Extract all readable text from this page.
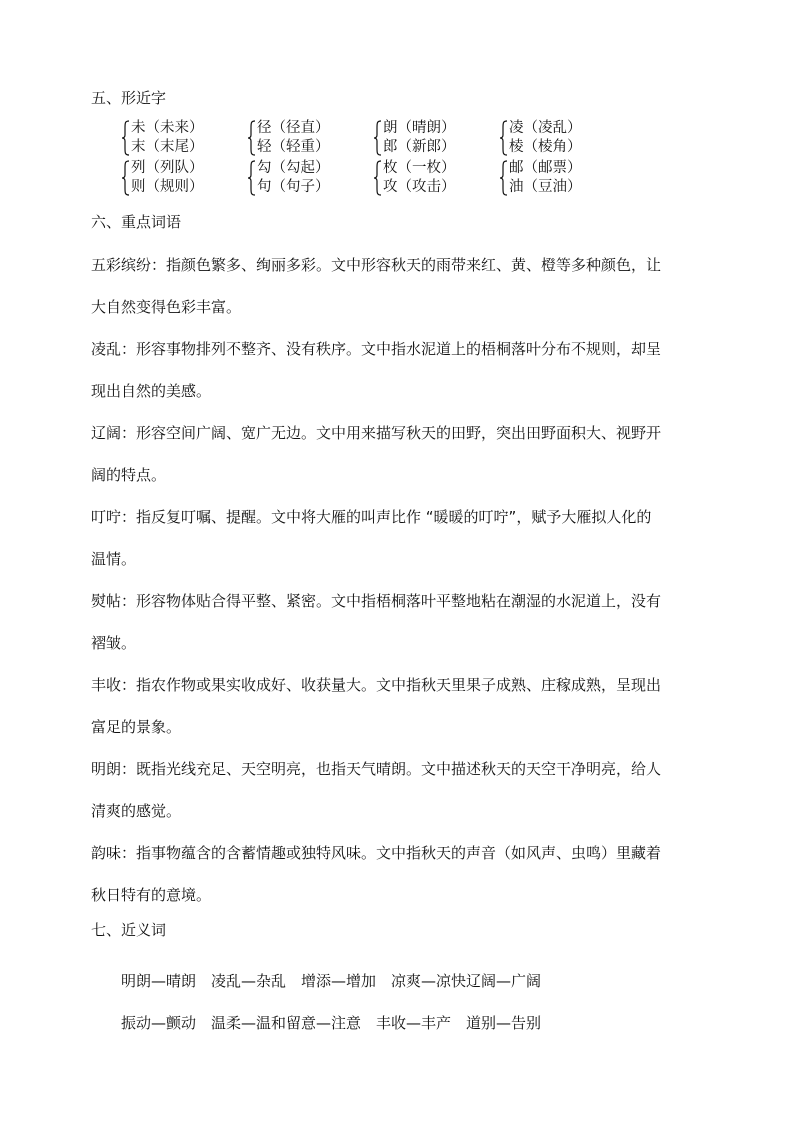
五、形近字
未（未来）
末（末尾）
径（径直）
轻（轻重）
朗（晴朗）
郎（新郎）
凌（凌乱）
棱（棱角）
列（列队）
则（规则）
勾（勾起）
句（句子）
枚（一枚）
攻（攻击）
邮（邮票）
油（豆油）
六、重点词语
五彩缤纷：指颜色繁多、绚丽多彩。文中形容秋天的雨带来红、黄、橙等多种颜色，让
大自然变得色彩丰富。
凌乱：形容事物排列不整齐、没有秩序。文中指水泥道上的梧桐落叶分布不规则，却呈
现出自然的美感。
辽阔：形容空间广阔、宽广无边。文中用来描写秋天的田野，突出田野面积大、视野开
阔的特点。
叮咛：指反复叮嘱、提醒。文中将大雁的叫声比作 “暖暖的叮咛”，赋予大雁拟人化的
温情。
熨帖：形容物体贴合得平整、紧密。文中指梧桐落叶平整地粘在潮湿的水泥道上，没有
褶皱。
丰收：指农作物或果实收成好、收获量大。文中指秋天里果子成熟、庄稼成熟，呈现出
富足的景象。
明朗：既指光线充足、天空明亮，也指天气晴朗。文中描述秋天的天空干净明亮，给人
清爽的感觉。
韵味：指事物蕴含的含蓄情趣或独特风味。文中指秋天的声音（如风声、虫鸣）里藏着
秋日特有的意境。
七、近义词
明朗—晴朗　凌乱—杂乱　增添—增加　凉爽—凉快辽阔—广阔
振动—颤动　温柔—温和留意—注意　丰收—丰产　道别—告别
